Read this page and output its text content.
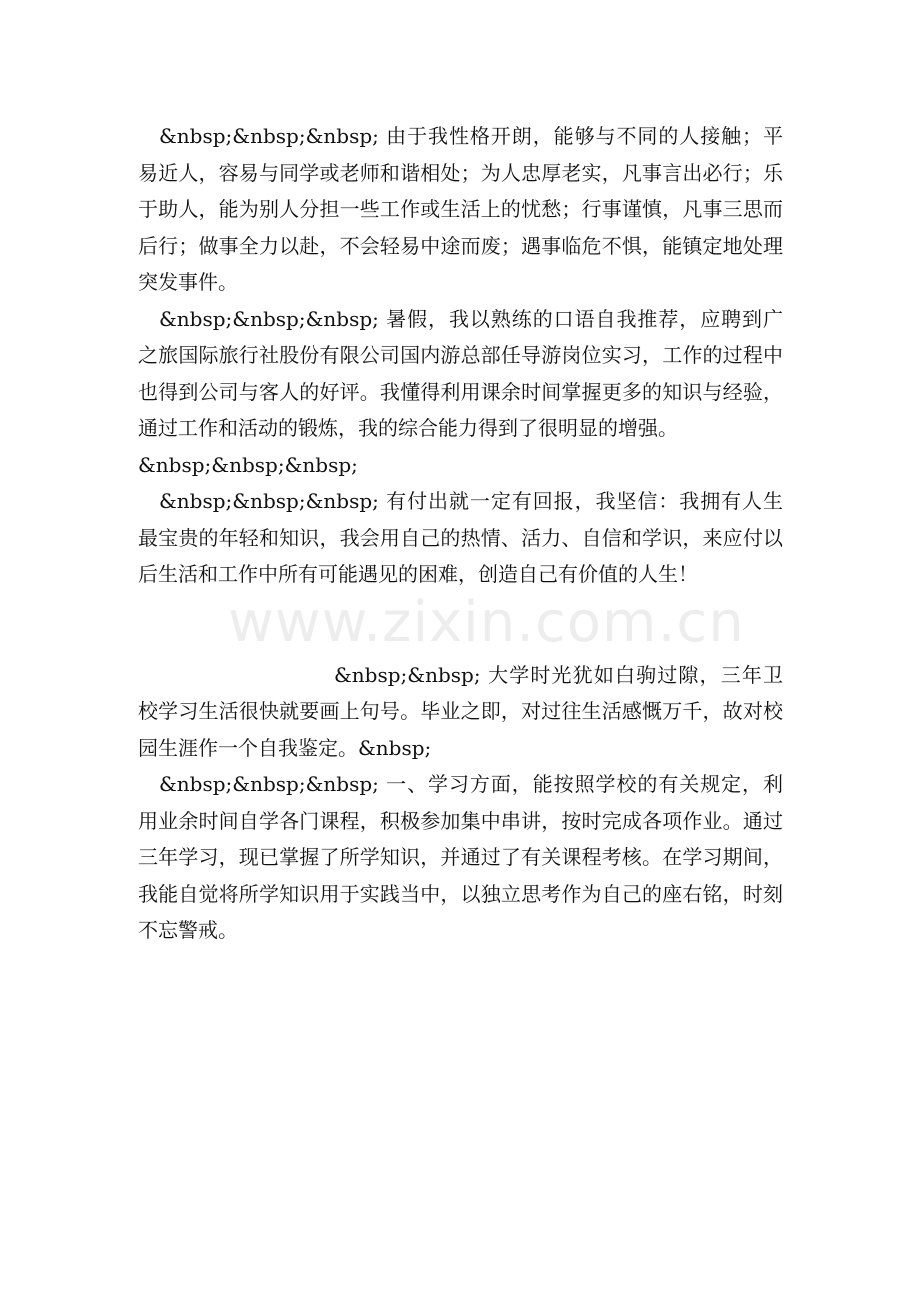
www.zixin.com.cn

&nbsp;&nbsp;&nbsp; 由于我性格开朗，能够与不同的人接触；平易近人，容易与同学或老师和谐相处；为人忠厚老实，凡事言出必行；乐于助人，能为别人分担一些工作或生活上的忧愁；行事谨慎，凡事三思而后行；做事全力以赴，不会轻易中途而废；遇事临危不惧，能镇定地处理突发事件。

&nbsp;&nbsp;&nbsp; 暑假，我以熟练的口语自我推荐，应聘到广之旅国际旅行社股份有限公司国内游总部任导游岗位实习，工作的过程中也得到公司与客人的好评。我懂得利用课余时间掌握更多的知识与经验，通过工作和活动的锻炼，我的综合能力得到了很明显的增强。

&nbsp;&nbsp;&nbsp;

&nbsp;&nbsp;&nbsp; 有付出就一定有回报，我坚信：我拥有人生最宝贵的年轻和知识，我会用自己的热情、活力、自信和学识，来应付以后生活和工作中所有可能遇见的困难，创造自己有价值的人生！

&nbsp;&nbsp; 大学时光犹如白驹过隙，三年卫校学习生活很快就要画上句号。毕业之即，对过往生活感慨万千，故对校园生涯作一个自我鉴定。&nbsp;

&nbsp;&nbsp;&nbsp; 一、学习方面，能按照学校的有关规定，利用业余时间自学各门课程，积极参加集中串讲，按时完成各项作业。通过三年学习，现已掌握了所学知识，并通过了有关课程考核。在学习期间，我能自觉将所学知识用于实践当中，以独立思考作为自己的座右铭，时刻不忘警戒。
